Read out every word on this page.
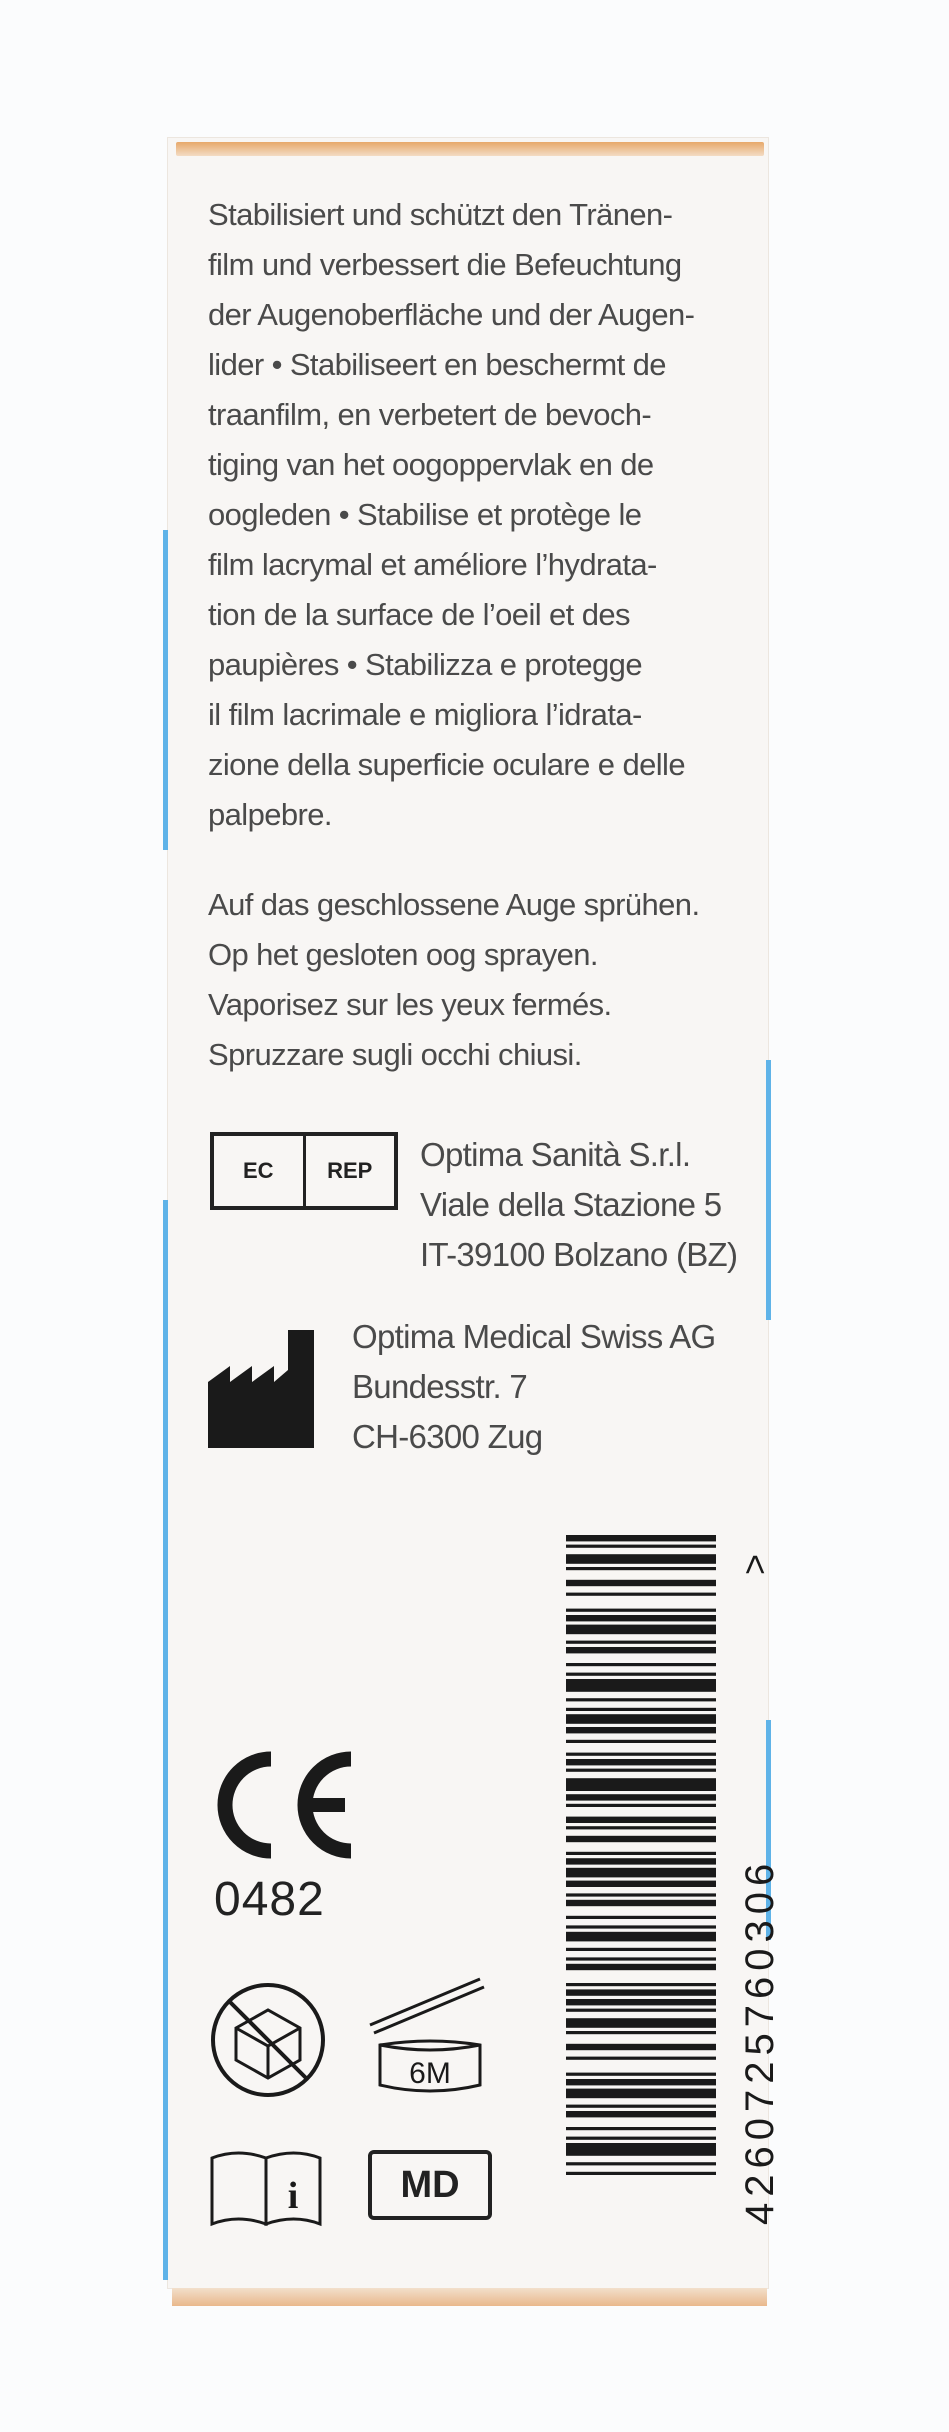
Stabilisiert und schützt den Tränen-
film und verbessert die Befeuchtung
der Augenoberfläche und der Augen-
lider • Stabiliseert en beschermt de
traanfilm, en verbetert de bevoch-
tiging van het oogoppervlak en de
oogleden • Stabilise et protège le
film lacrymal et améliore l’hydrata-
tion de la surface de l’oeil et des
paupières • Stabilizza e protegge
il film lacrimale e migliora l’idrata-
zione della superficie oculare e delle
palpebre.
Auf das geschlossene Auge sprühen.
Op het gesloten oog sprayen.
Vaporisez sur les yeux fermés.
Spruzzare sugli occhi chiusi.
EC	REP	Optima Sanità S.r.l.
Viale della Stazione 5
IT-39100 Bolzano (BZ)
Optima Medical Swiss AG
Bundesstr. 7
CH-6300 Zug
0482
6M
i	MD	4260725760306
>
